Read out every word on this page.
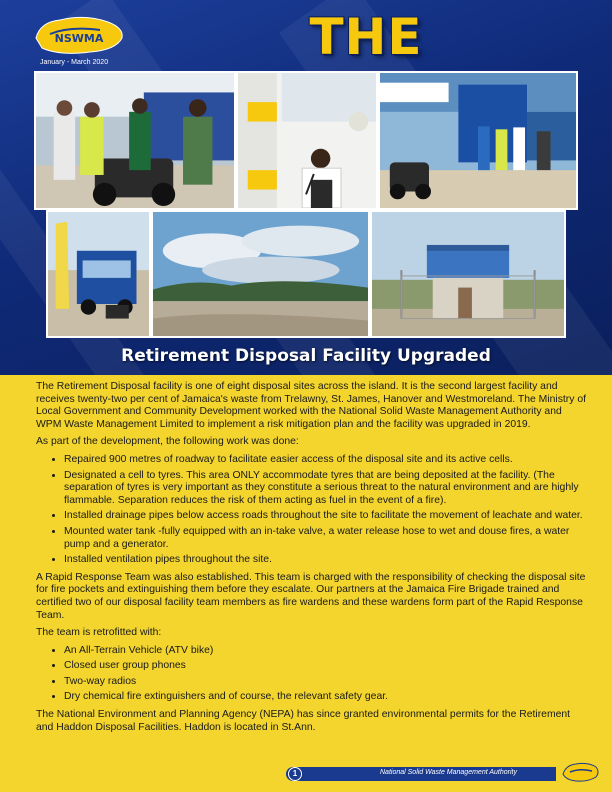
NSWMA	THE
January - March 2020
Retirement Disposal Facility Upgraded

The Retirement Disposal facility is one of eight disposal sites across the island. It is the second largest facility and receives twenty-two per cent of Jamaica's waste from Trelawny, St. James, Hanover and Westmoreland. The Ministry of Local Government and Community Development worked with the National Solid Waste Management Authority and WPM Waste Management Limited to implement a risk mitigation plan and the facility was upgraded in 2019.

As part of the development, the following work was done:

• Repaired 900 metres of roadway to facilitate easier access of the disposal site and its active cells.
• Designated a cell to tyres. This area ONLY accommodate tyres that are being deposited at the facility. (The separation of tyres is very important as they constitute a serious threat to the natural environment and are highly flammable. Separation reduces the risk of them acting as fuel in the event of a fire).
• Installed drainage pipes below access roads throughout the site to facilitate the movement of leachate and water.
• Mounted water tank -fully equipped with an in-take valve, a water release hose to wet and douse fires, a water pump and a generator.
• Installed ventilation pipes throughout the site.

A Rapid Response Team was also established. This team is charged with the responsibility of checking the disposal site for fire pockets and extinguishing them before they escalate. Our partners at the Jamaica Fire Brigade trained and certified two of our disposal facility team members as fire wardens and these wardens form part of the Rapid Response Team.

The team is retrofitted with:

• An All-Terrain Vehicle (ATV bike)
• Closed user group phones
• Two-way radios
• Dry chemical fire extinguishers and of course, the relevant safety gear.

The National Environment and Planning Agency (NEPA) has since granted environmental permits for the Retirement and Haddon Disposal Facilities. Haddon is located in St.Ann.

1	National Solid Waste Management Authority
